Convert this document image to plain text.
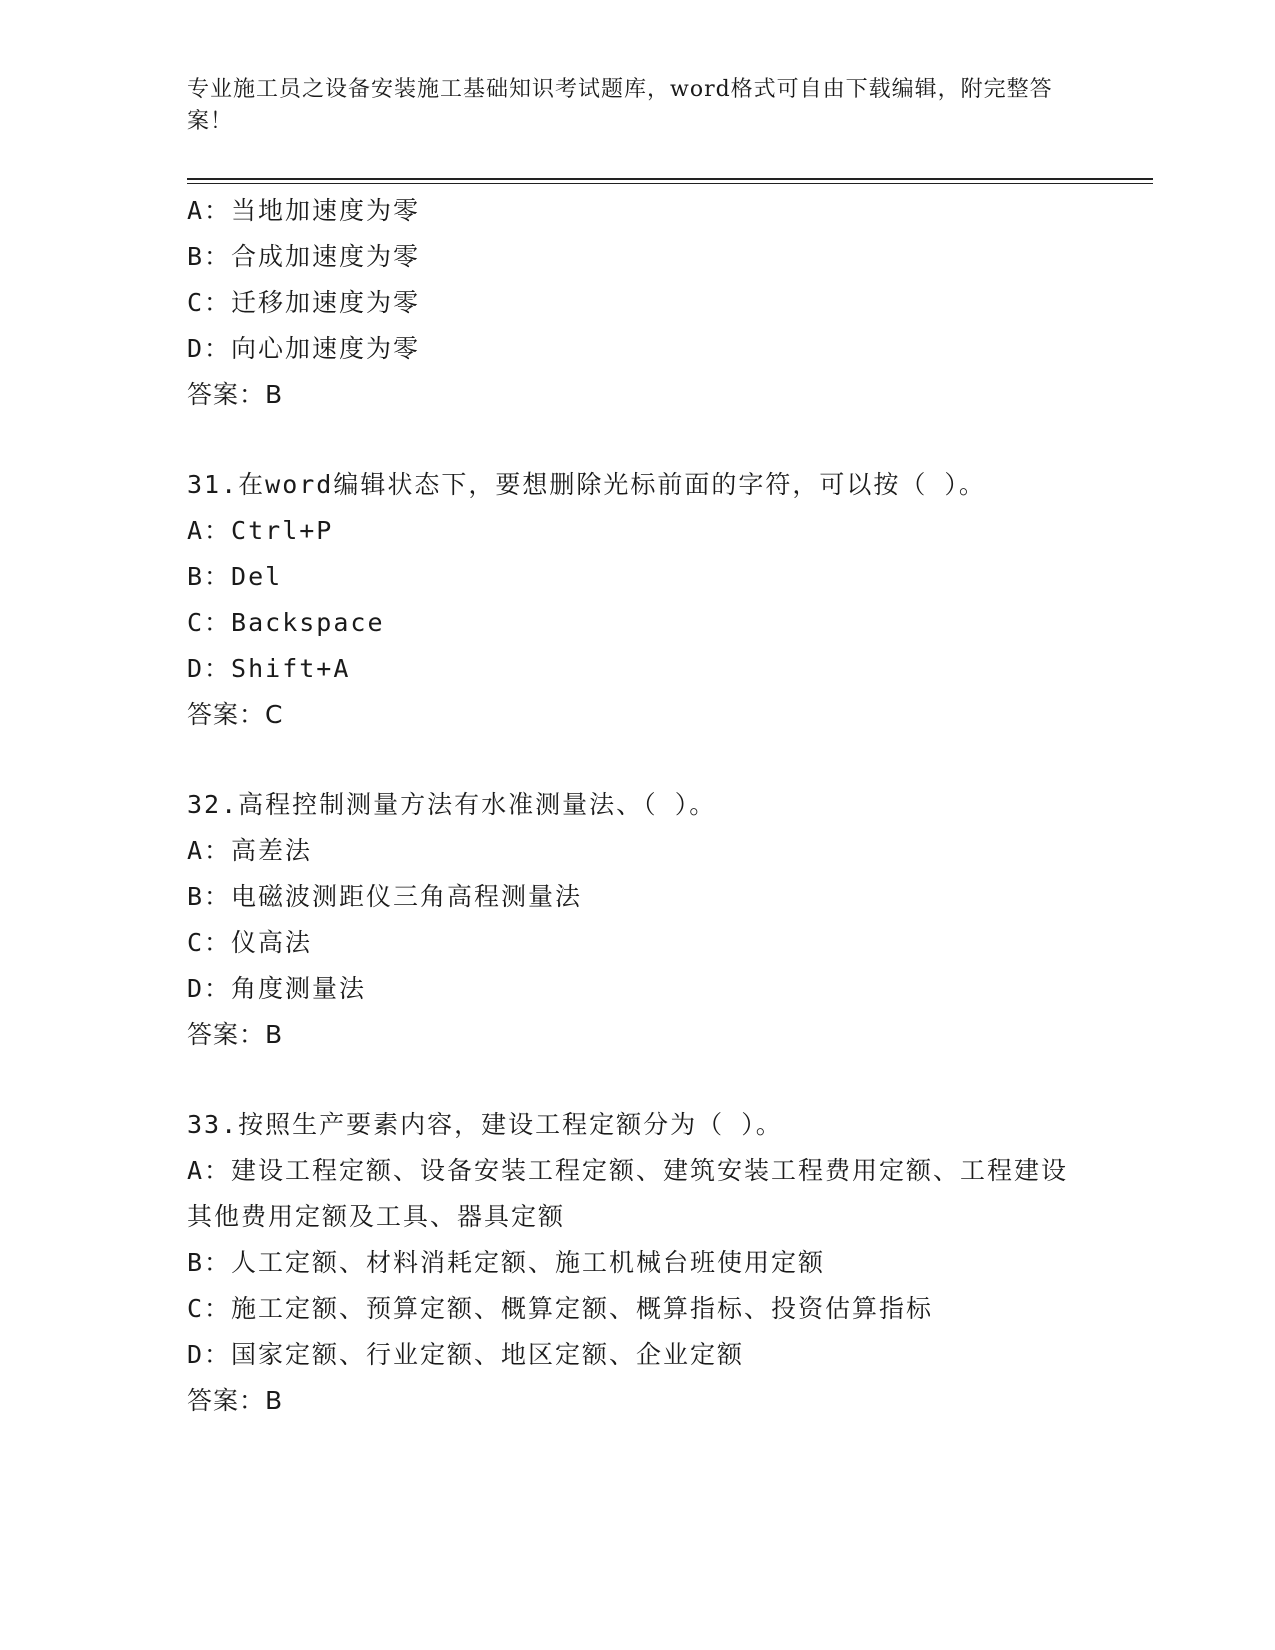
专业施工员之设备安装施工基础知识考试题库，word格式可自由下载编辑，附完整答案！
A：当地加速度为零
B：合成加速度为零
C：迁移加速度为零
D：向心加速度为零
答案：B
31.在word编辑状态下，要想删除光标前面的字符，可以按（ ）。
A：Ctrl+P
B：Del
C：Backspace
D：Shift+A
答案：C
32.高程控制测量方法有水准测量法、（ ）。
A：高差法
B：电磁波测距仪三角高程测量法
C：仪高法
D：角度测量法
答案：B
33.按照生产要素内容，建设工程定额分为（ ）。
A：建设工程定额、设备安装工程定额、建筑安装工程费用定额、工程建设其他费用定额及工具、器具定额
B：人工定额、材料消耗定额、施工机械台班使用定额
C：施工定额、预算定额、概算定额、概算指标、投资估算指标
D：国家定额、行业定额、地区定额、企业定额
答案：B
